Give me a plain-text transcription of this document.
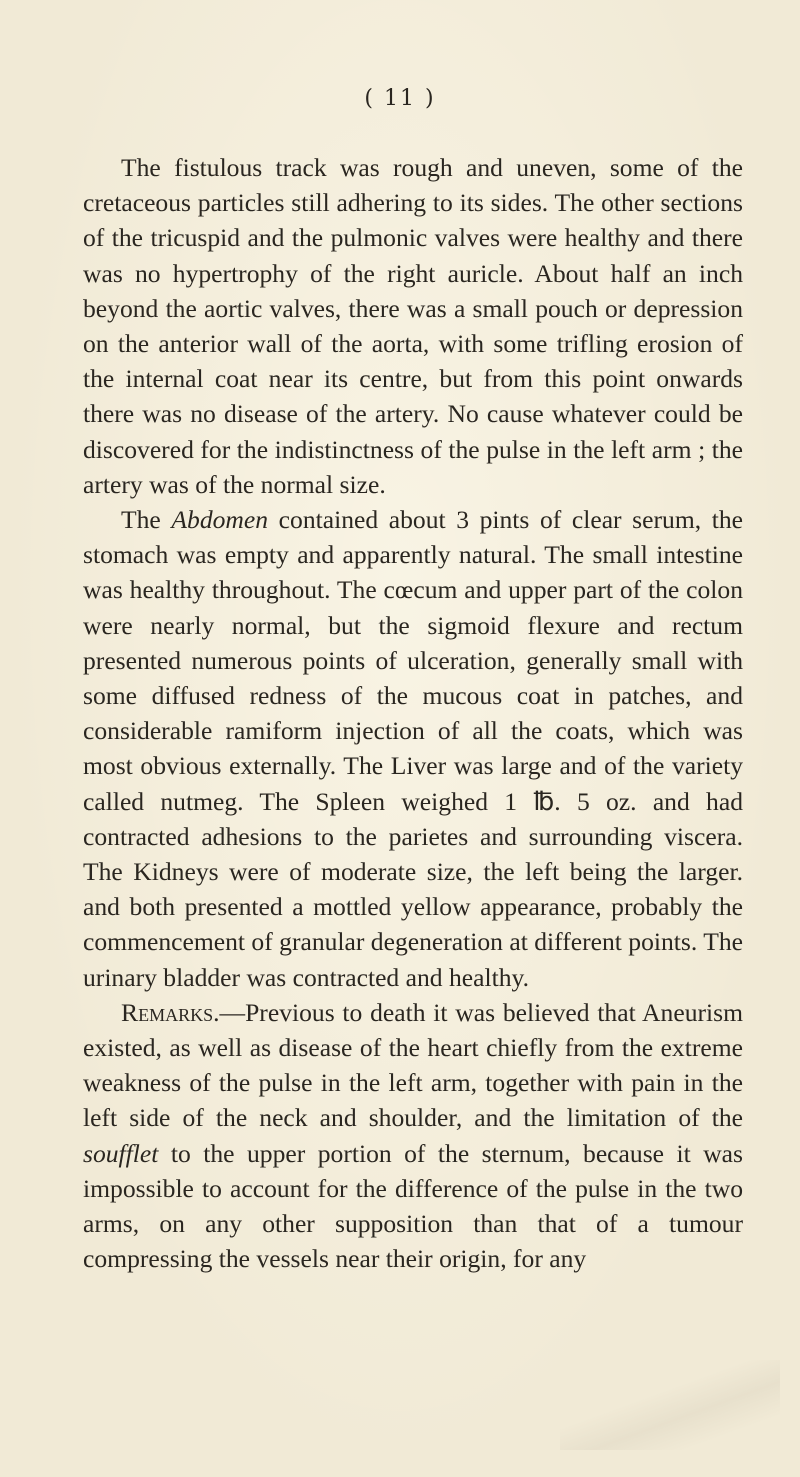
( 11 )

The fistulous track was rough and uneven, some of the cretaceous particles still adhering to its sides. The other sections of the tricuspid and the pulmonic valves were healthy and there was no hypertrophy of the right auricle. About half an inch beyond the aortic valves, there was a small pouch or depression on the anterior wall of the aorta, with some trifling erosion of the internal coat near its centre, but from this point onwards there was no disease of the artery. No cause whatever could be discovered for the indistinctness of the pulse in the left arm ; the artery was of the normal size.

The Abdomen contained about 3 pints of clear serum, the stomach was empty and apparently natural. The small intestine was healthy throughout. The cœcum and upper part of the colon were nearly normal, but the sigmoid flexure and rectum presented numerous points of ulceration, generally small with some diffused redness of the mucous coat in patches, and considerable ramiform injection of all the coats, which was most obvious externally. The Liver was large and of the variety called nutmeg. The Spleen weighed 1 ℔. 5 oz. and had contracted adhesions to the parietes and surrounding viscera. The Kidneys were of moderate size, the left being the larger. and both presented a mottled yellow appearance, probably the commencement of granular degeneration at different points. The urinary bladder was contracted and healthy.

Remarks.—Previous to death it was believed that Aneurism existed, as well as disease of the heart chiefly from the extreme weakness of the pulse in the left arm, together with pain in the left side of the neck and shoulder, and the limitation of the soufflet to the upper portion of the sternum, because it was impossible to account for the difference of the pulse in the two arms, on any other supposition than that of a tumour compressing the vessels near their origin, for any
